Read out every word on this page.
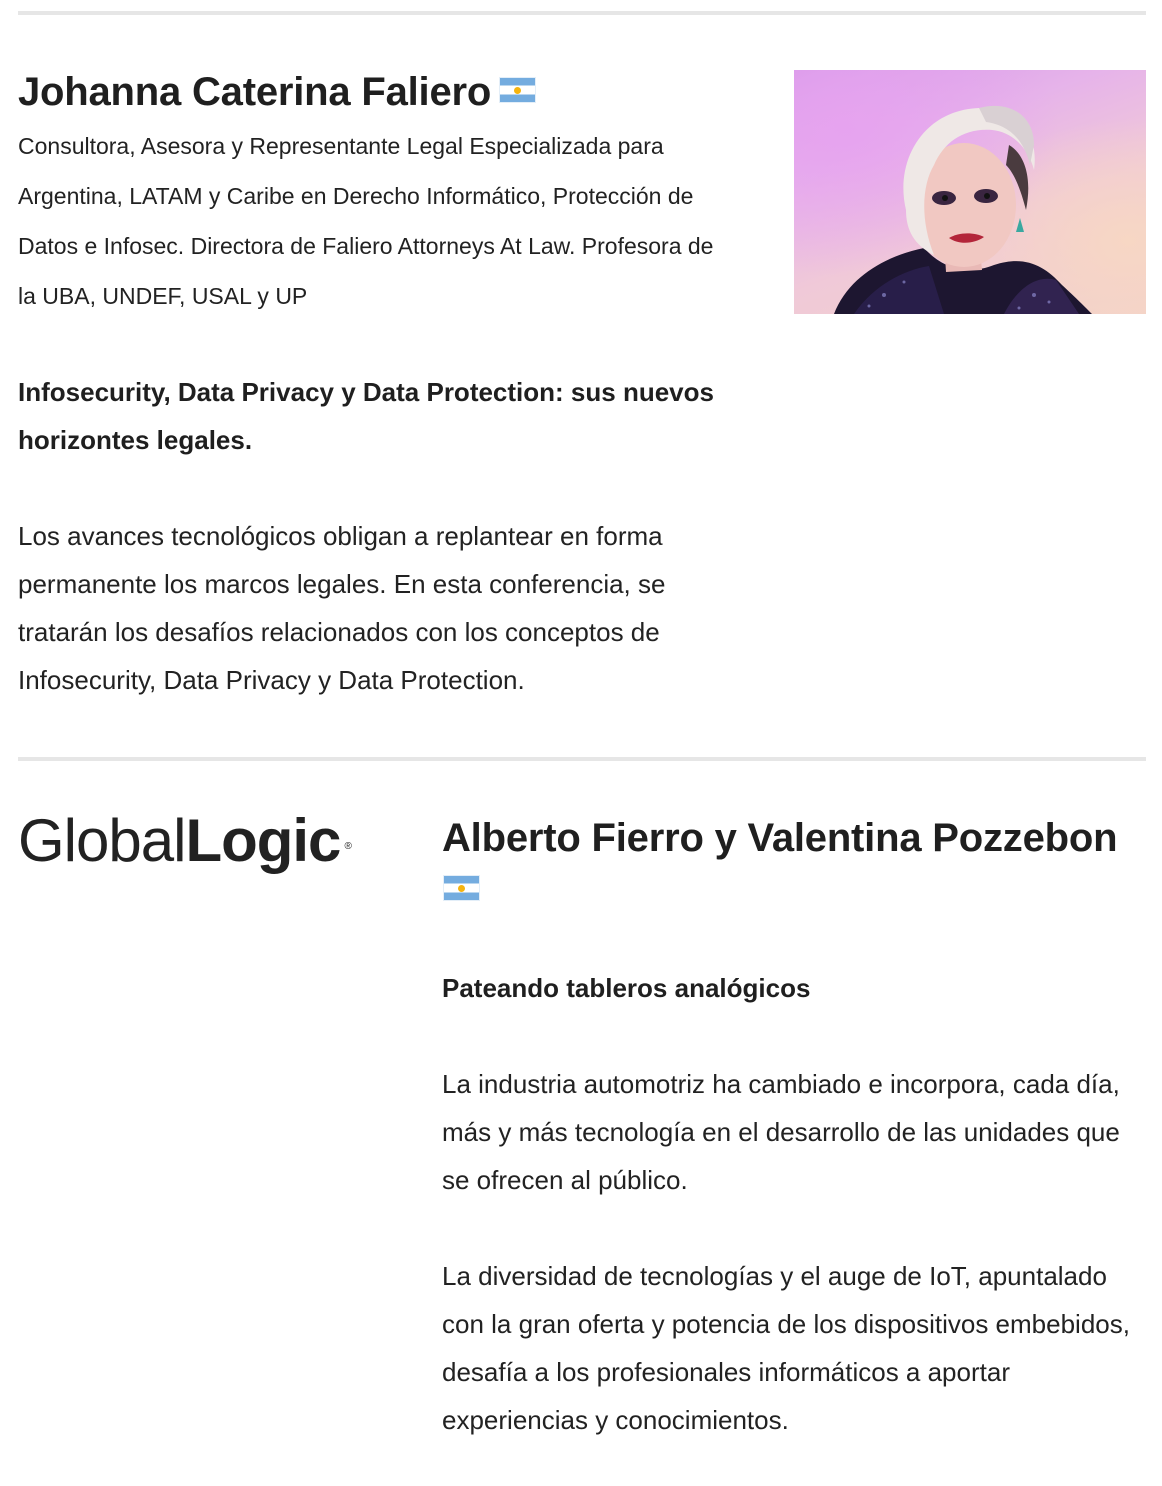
Johanna Caterina Faliero

Consultora, Asesora y Representante Legal Especializada para Argentina, LATAM y Caribe en Derecho Informático, Protección de Datos e Infosec. Directora de Faliero Attorneys At Law. Profesora de la UBA, UNDEF, USAL y UP

Infosecurity, Data Privacy y Data Protection: sus nuevos horizontes legales.

Los avances tecnológicos obligan a replantear en forma permanente los marcos legales. En esta conferencia, se tratarán los desafíos relacionados con los conceptos de Infosecurity, Data Privacy y Data Protection.

GlobalLogic ®	Alberto Fierro y Valentina Pozzebon
Pateando tableros analógicos

La industria automotriz ha cambiado e incorpora, cada día, más y más tecnología en el desarrollo de las unidades que se ofrecen al público.

La diversidad de tecnologías y el auge de IoT, apuntalado con la gran oferta y potencia de los dispositivos embebidos, desafía a los profesionales informáticos a aportar experiencias y conocimientos.
